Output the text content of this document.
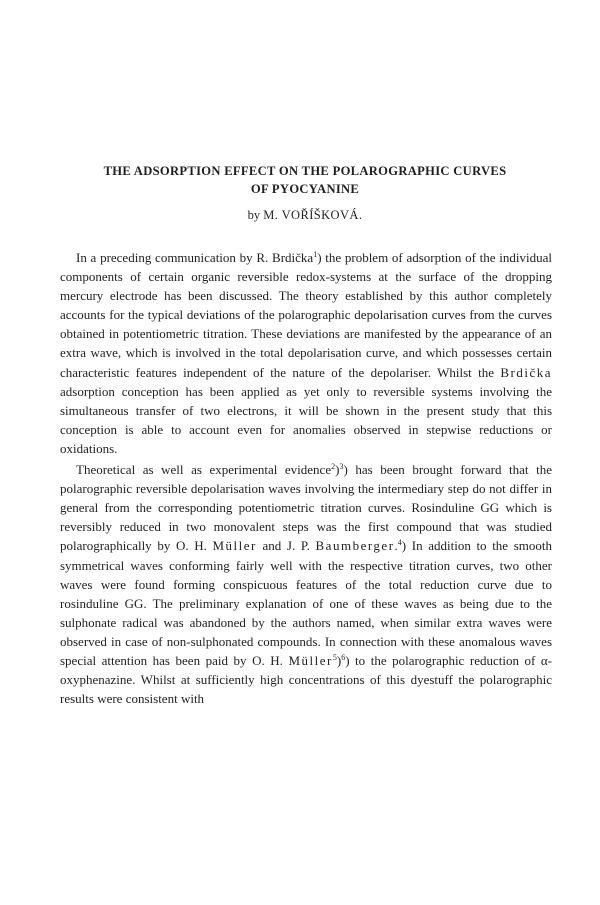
THE ADSORPTION EFFECT ON THE POLAROGRAPHIC CURVES
OF PYOCYANINE
by M. VOŘÍŠKOVÁ.

In a preceding communication by R. Brdička$^1$) the problem of adsorption of the individual components of certain organic reversible redox-systems at the surface of the dropping mercury electrode has been discussed. The theory established by this author completely accounts for the typical deviations of the polarographic depolarisation curves from the curves obtained in potentiometric titration. These deviations are manifested by the appearance of an extra wave, which is involved in the total depolarisation curve, and which possesses certain characteristic features independent of the nature of the depolariser. Whilst the Brdička adsorption conception has been applied as yet only to reversible systems involving the simultaneous transfer of two electrons, it will be shown in the present study that this conception is able to account even for anomalies observed in stepwise reductions or oxidations.

Theoretical as well as experimental evidence$^2$)$^3$) has been brought forward that the polarographic reversible depolarisation waves involving the intermediary step do not differ in general from the corresponding potentiometric titration curves. Rosinduline GG which is reversibly reduced in two monovalent steps was the first compound that was studied polarographically by O. H. Müller and J. P. Baumberger.$^4$) In addition to the smooth symmetrical waves conforming fairly well with the respective titration curves, two other waves were found forming conspicuous features of the total reduction curve due to rosinduline GG. The preliminary explanation of one of these waves as being due to the sulphonate radical was abandoned by the authors named, when similar extra waves were observed in case of non-sulphonated compounds. In connection with these anomalous waves special attention has been paid by O. H. Müller$^5$)$^6$) to the polarographic reduction of α-oxyphenazine. Whilst at sufficiently high concentrations of this dyestuff the polarographic results were consistent with
